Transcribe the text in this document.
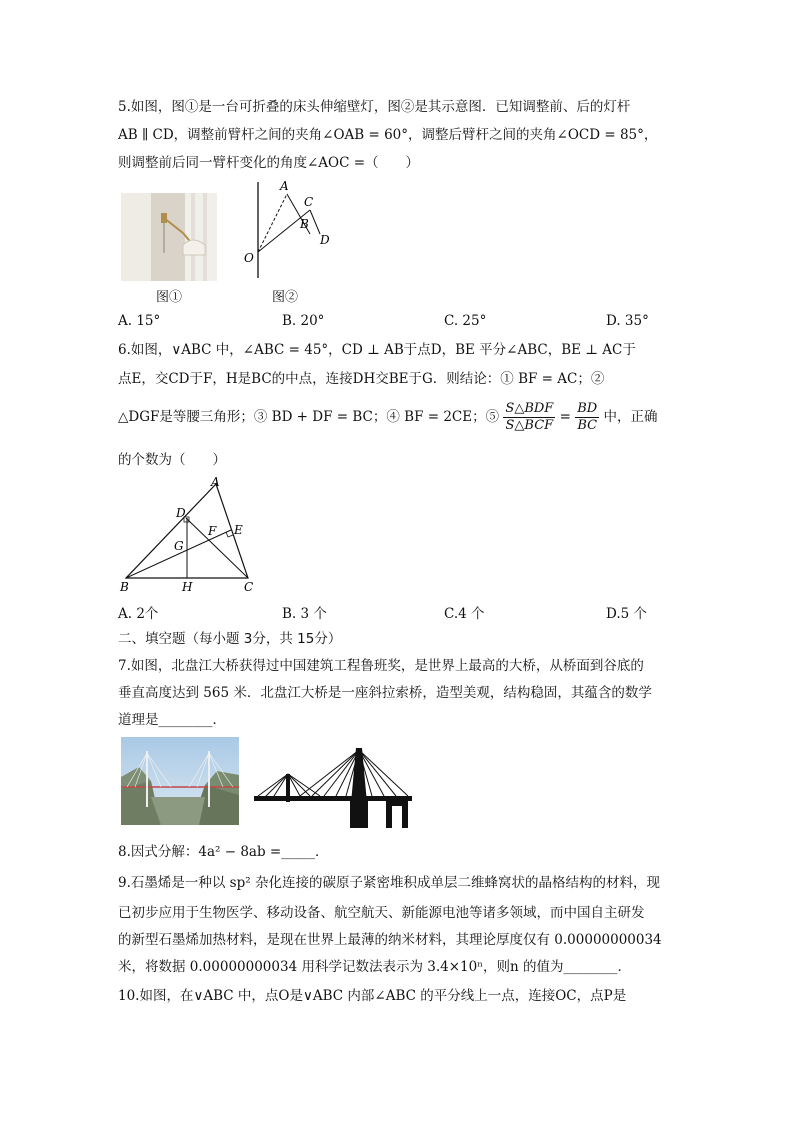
5.如图，图①是一台可折叠的床头伸缩壁灯，图②是其示意图．已知调整前、后的灯杆
AB ∥ CD，调整前臂杆之间的夹角∠OAB = 60°，调整后臂杆之间的夹角∠OCD = 85°，
则调整前后同一臂杆变化的角度∠AOC =（　　）
图①
A
C
B
D
O
图②
A. 15°	B. 20°	C. 25°	D. 35°
6.如图，∨ABC 中，∠ABC = 45°，CD ⊥ AB于点D，BE 平分∠ABC，BE ⊥ AC于
点E，交CD于F，H是BC的中点，连接DH交BE于G．则结论：① BF = AC；②
△DGF是等腰三角形；③ BD + DF = BC；④ BF = 2CE；⑤ $\frac{\text{S△BDF}}{\text{S△BCF}} = \frac{BD}{BC}$ 中，正确
的个数为（　　）
A
D
F E
G
B	H	C
A. 2个	B. 3 个	C.4 个	D.5 个
二、填空题（每小题 3分，共 15分）
7.如图，北盘江大桥获得过中国建筑工程鲁班奖，是世界上最高的大桥，从桥面到谷底的
垂直高度达到 565 米．北盘江大桥是一座斜拉索桥，造型美观，结构稳固，其蕴含的数学
道理是________．
8.因式分解：4a² − 8ab =_____．
9.石墨烯是一种以 sp² 杂化连接的碳原子紧密堆积成单层二维蜂窝状的晶格结构的材料，现
已初步应用于生物医学、移动设备、航空航天、新能源电池等诸多领域，而中国自主研发
的新型石墨烯加热材料，是现在世界上最薄的纳米材料，其理论厚度仅有 0.00000000034
米，将数据 0.00000000034 用科学记数法表示为 3.4×10ⁿ，则n 的值为________．
10.如图，在∨ABC 中，点O是∨ABC 内部∠ABC 的平分线上一点，连接OC，点P是
